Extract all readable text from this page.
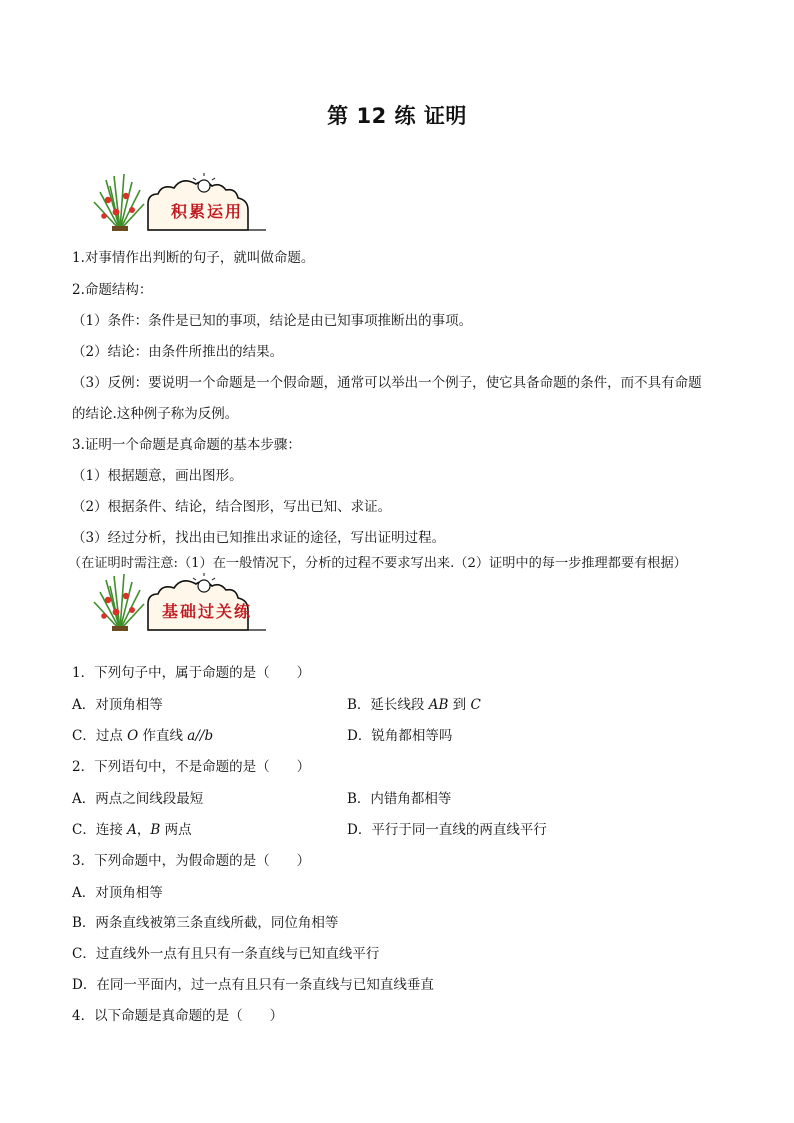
第 12 练 证明
积累运用
1.对事情作出判断的句子，就叫做命题。
2.命题结构：
（1）条件：条件是已知的事项，结论是由已知事项推断出的事项。
（2）结论：由条件所推出的结果。
（3）反例：要说明一个命题是一个假命题，通常可以举出一个例子，使它具备命题的条件，而不具有命题
的结论.这种例子称为反例。
3.证明一个命题是真命题的基本步骤：
（1）根据题意，画出图形。
（2）根据条件、结论，结合图形，写出已知、求证。
（3）经过分析，找出由已知推出求证的途径，写出证明过程。
（在证明时需注意:（1）在一般情况下，分析的过程不要求写出来.（2）证明中的每一步推理都要有根据）
基础过关练
1．下列句子中，属于命题的是（　　）
A．对顶角相等	B．延长线段 AB 到 C
C．过点 O 作直线 a//b	D．锐角都相等吗
2．下列语句中，不是命题的是（　　）
A．两点之间线段最短	B．内错角都相等
C．连接 A，B 两点	D．平行于同一直线的两直线平行
3．下列命题中，为假命题的是（　　）
A．对顶角相等
B．两条直线被第三条直线所截，同位角相等
C．过直线外一点有且只有一条直线与已知直线平行
D．在同一平面内，过一点有且只有一条直线与已知直线垂直
4．以下命题是真命题的是（　　）
